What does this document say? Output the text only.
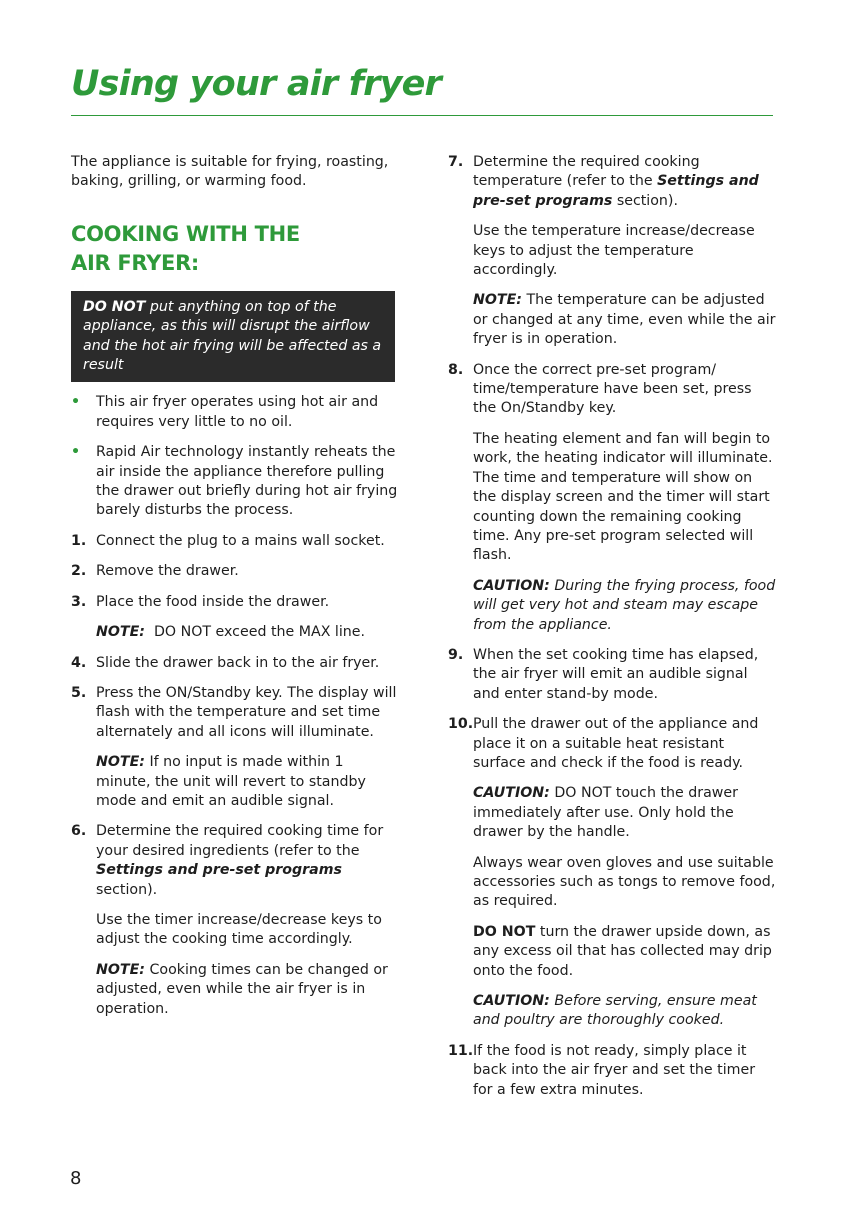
Using your air fryer

The appliance is suitable for frying, roasting, baking, grilling, or warming food.

COOKING WITH THE
AIR FRYER:
DO NOT put anything on top of the appliance, as this will disrupt the airflow and the hot air frying will be affected as a result
• This air fryer operates using hot air and requires very little to no oil.
• Rapid Air technology instantly reheats the air inside the appliance therefore pulling the drawer out briefly during hot air frying barely disturbs the process.
1. Connect the plug to a mains wall socket.
2. Remove the drawer.
3. Place the food inside the drawer.

NOTE:  DO NOT exceed the MAX line.

4. Slide the drawer back in to the air fryer.
5. Press the ON/Standby key. The display will flash with the temperature and set time alternately and all icons will illuminate.

NOTE: If no input is made within 1 minute, the unit will revert to standby mode and emit an audible signal.

6. Determine the required cooking time for your desired ingredients (refer to the Settings and pre-set programs section).

Use the timer increase/decrease keys to adjust the cooking time accordingly.

NOTE: Cooking times can be changed or adjusted, even while the air fryer is in operation.

7. Determine the required cooking temperature (refer to the Settings and pre-set programs section).

Use the temperature increase/decrease keys to adjust the temperature accordingly.

NOTE: The temperature can be adjusted or changed at any time, even while the air fryer is in operation.

8. Once the correct pre-set program/ time/temperature have been set, press the On/Standby key.

The heating element and fan will begin to work, the heating indicator will illuminate. The time and temperature will show on the display screen and the timer will start counting down the remaining cooking time. Any pre-set program selected will flash.

CAUTION: During the frying process, food will get very hot and steam may escape from the appliance.

9. When the set cooking time has elapsed, the air fryer will emit an audible signal and enter stand-by mode.
10. Pull the drawer out of the appliance and place it on a suitable heat resistant surface and check if the food is ready.

CAUTION: DO NOT touch the drawer immediately after use. Only hold the drawer by the handle.

Always wear oven gloves and use suitable accessories such as tongs to remove food, as required.

DO NOT turn the drawer upside down, as any excess oil that has collected may drip onto the food.

CAUTION: Before serving, ensure meat and poultry are thoroughly cooked.

11. If the food is not ready, simply place it back into the air fryer and set the timer for a few extra minutes.
8
